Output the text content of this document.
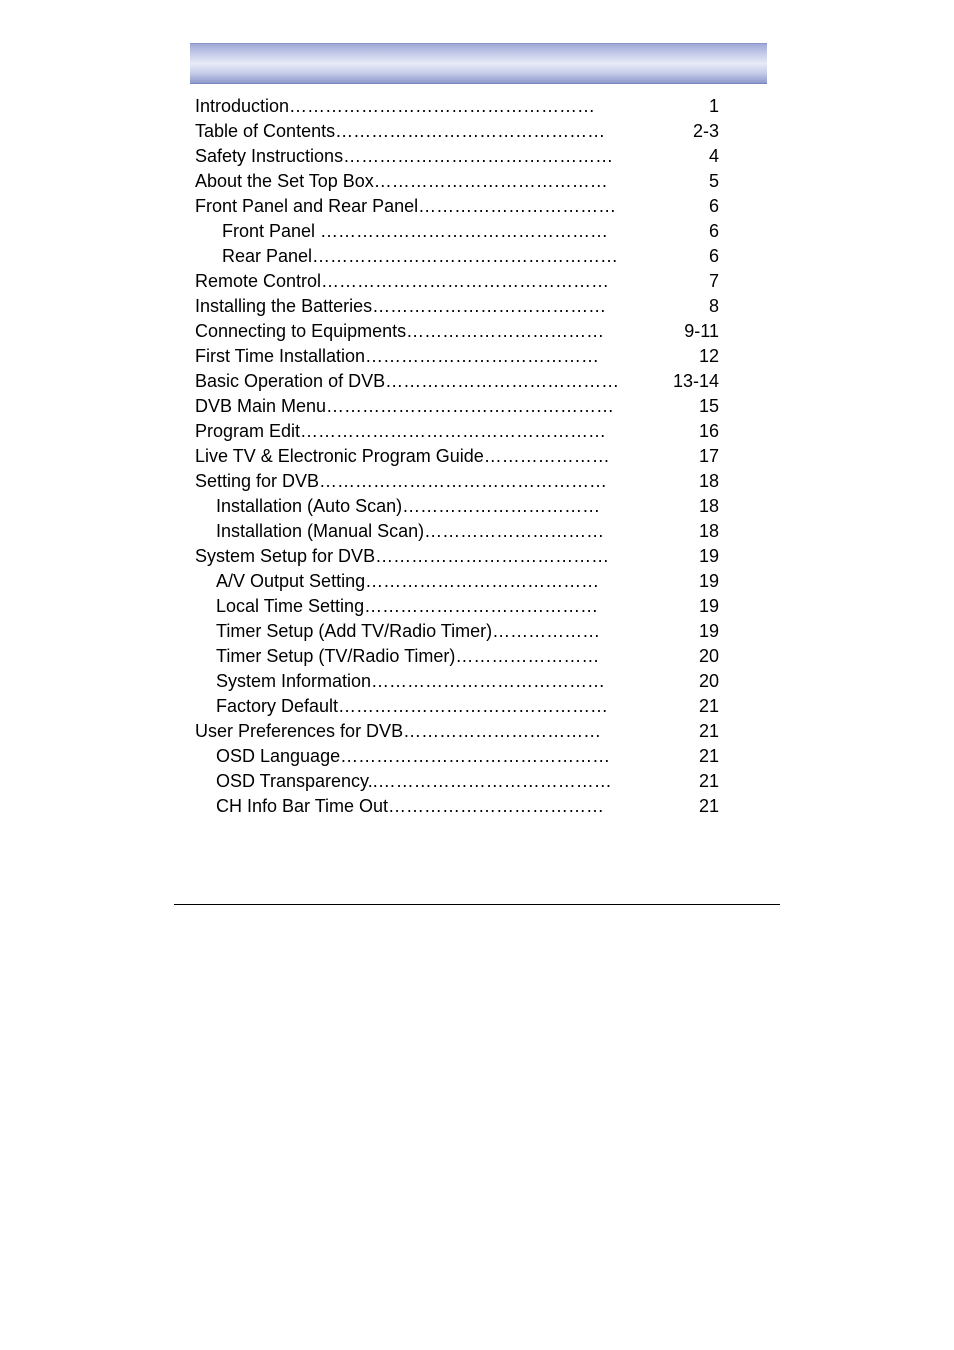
Introduction……………………………………………	1
Table of Contents………………………………………	2-3
Safety Instructions………………………………………	4
About the Set Top Box…………………………………	5
Front Panel and Rear Panel……………………………	6
Front Panel …………………………………………	6
Rear Panel……………………………………………	6
Remote Control…………………………………………	7
Installing the Batteries…………………………………	8
Connecting to Equipments……………………………	9-11
First Time Installation…………………………………	12
Basic Operation of DVB…………………………………	13-14
DVB Main Menu…………………………………………	15
Program Edit……………………………………………	16
Live TV & Electronic Program Guide…………………	17
Setting for DVB…………………………………………	18
Installation (Auto Scan)……………………………	18
Installation (Manual Scan)…………………………	18
System Setup for DVB…………………………………	19
A/V Output Setting…………………………………	19
Local Time Setting…………………………………	19
Timer Setup (Add TV/Radio Timer)………………	19
Timer Setup (TV/Radio Timer)……………………	20
System Information…………………………………	20
Factory Default………………………………………	21
User Preferences for DVB……………………………	21
OSD Language………………………………………	21
OSD Transparency..…………………………………	21
CH Info Bar Time Out………………………………	21
